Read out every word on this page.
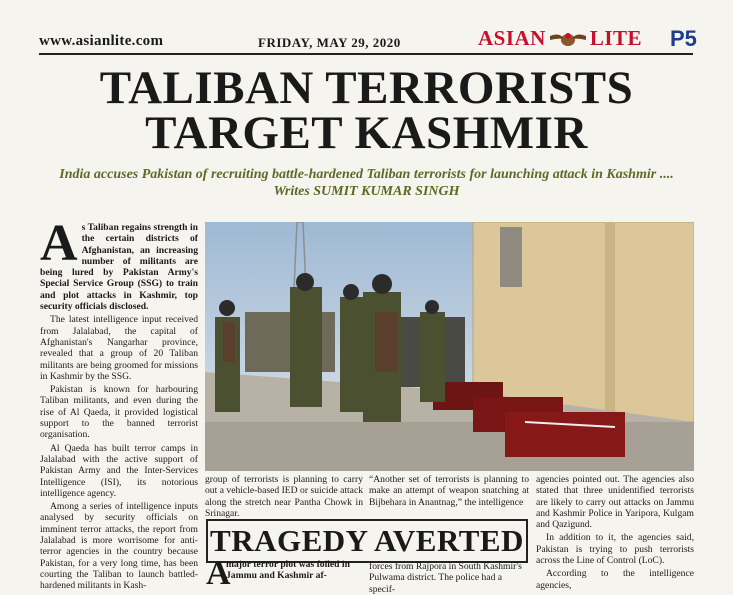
www.asianlite.com	FRIDAY, MAY 29, 2020	ASIAN LITE P5
TALIBAN TERRORISTS
TARGET KASHMIR
India accuses Pakistan of recruiting battle-hardened Taliban terrorists for launching attack in Kashmir .... Writes SUMIT KUMAR SINGH
A s Taliban regains strength in the certain districts of Afghanistan, an increasing number of militants are being lured by Pakistan Army's Special Service Group (SSG) to train and plot attacks in Kashmir, top security officials disclosed.

The latest intelligence input received from Jalalabad, the capital of Afghanistan's Nangarhar province, revealed that a group of 20 Taliban militants are being groomed for missions in Kashmir by the SSG.

Pakistan is known for harbouring Taliban militants, and even during the rise of Al Qaeda, it provided logistical support to the banned terrorist organisation.

Al Qaeda has built terror camps in Jalalabad with the active support of Pakistan Army and the Inter-Services Intelligence (ISI), its notorious intelligence agency.

Among a series of intelligence inputs analysed by security officials on imminent terror attacks, the report from Jalalabad is more worrisome for anti-terror agencies in the country because Pakistan, for a very long time, has been courting the Taliban to launch battled-hardened militants in Kash-

group of terrorists is planning to carry out a vehicle-based IED or suicide attack along the stretch near Pantha Chowk in Srinagar.

“Another set of terrorists is planning to make an attempt of weapon snatching at Bijbehara in Anantnag,” the intelligence

agencies pointed out. The agencies also stated that three unidentified terrorists are likely to carry out attacks on Jammu and Kashmir Police in Yaripora, Kulgam and Qazigund.

In addition to it, the agencies said, Pakistan is trying to push terrorists across the Line of Control (LoC).

According to the intelligence agencies,

TRAGEDY AVERTED
A
major terror plot was foiled in Jammu and Kashmir af-
forces from Rajpora in South Kashmir's Pulwama district. The police had a specif-
